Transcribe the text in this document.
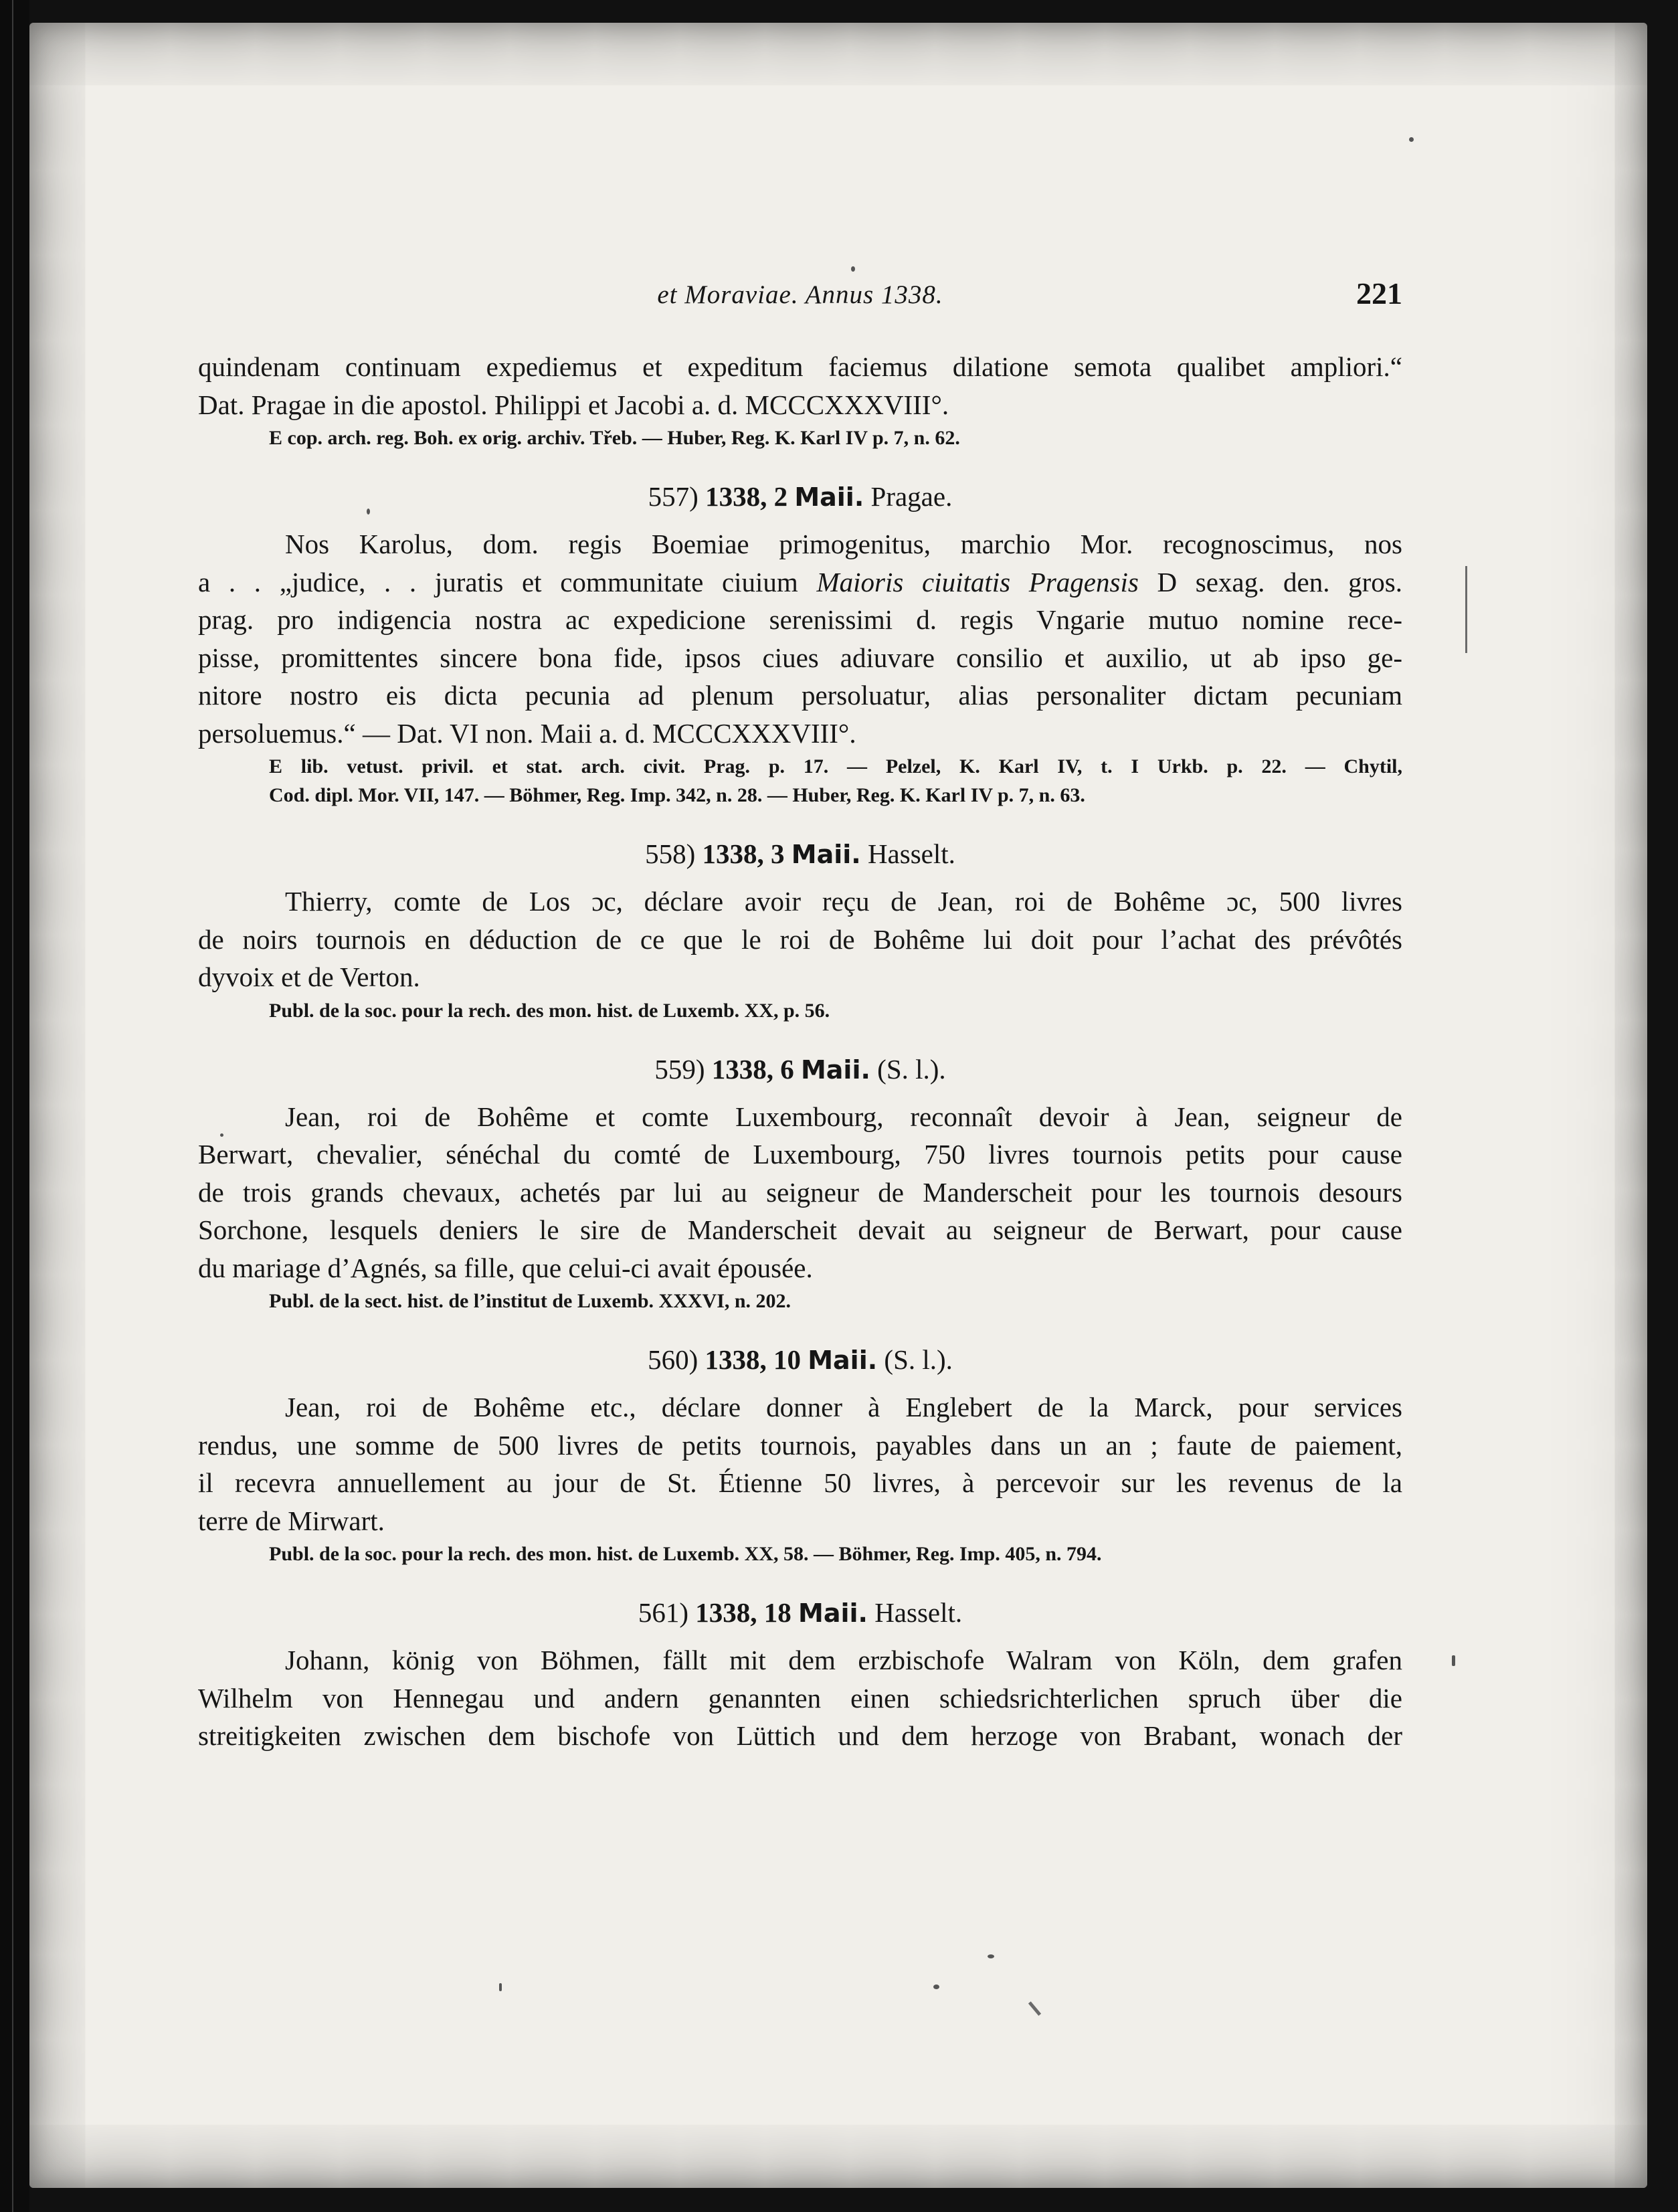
et Moraviae. Annus 1338.	221
quindenam continuam expediemus et expeditum faciemus dilatione semota qualibet ampliori.“
Dat. Pragae in die apostol. Philippi et Jacobi a. d. MCCCXXXVIII°.
E cop. arch. reg. Boh. ex orig. archiv. Třeb. — Huber, Reg. K. Karl IV p. 7, n. 62.
557) 1338, 2 Maii. Pragae.
Nos Karolus, dom. regis Boemiae primogenitus, marchio Mor. recognoscimus, nos
a . . „judice, . . juratis et communitate ciuium Maioris ciuitatis Pragensis D sexag. den. gros.
prag. pro indigencia nostra ac expedicione serenissimi d. regis Vngarie mutuo nomine rece-
pisse, promittentes sincere bona fide, ipsos ciues adiuvare consilio et auxilio, ut ab ipso ge-
nitore nostro eis dicta pecunia ad plenum persoluatur, alias personaliter dictam pecuniam
persoluemus.“ — Dat. VI non. Maii a. d. MCCCXXXVIII°.
E lib. vetust. privil. et stat. arch. civit. Prag. p. 17. — Pelzel, K. Karl IV, t. I Urkb. p. 22. — Chytil,
Cod. dipl. Mor. VII, 147. — Böhmer, Reg. Imp. 342, n. 28. — Huber, Reg. K. Karl IV p. 7, n. 63.
558) 1338, 3 Maii. Hasselt.
Thierry, comte de Los ɔc, déclare avoir reçu de Jean, roi de Bohême ɔc, 500 livres
de noirs tournois en déduction de ce que le roi de Bohême lui doit pour l’achat des prévôtés
dyvoix et de Verton.
Publ. de la soc. pour la rech. des mon. hist. de Luxemb. XX, p. 56.
559) 1338, 6 Maii. (S. l.).
Jean, roi de Bohême et comte Luxembourg, reconnaît devoir à Jean, seigneur de
Berwart, chevalier, sénéchal du comté de Luxembourg, 750 livres tournois petits pour cause
de trois grands chevaux, achetés par lui au seigneur de Manderscheit pour les tournois desours
Sorchone, lesquels deniers le sire de Manderscheit devait au seigneur de Berwart, pour cause
du mariage d’Agnés, sa fille, que celui-ci avait épousée.
Publ. de la sect. hist. de l’institut de Luxemb. XXXVI, n. 202.
560) 1338, 10 Maii. (S. l.).
Jean, roi de Bohême etc., déclare donner à Englebert de la Marck, pour services
rendus, une somme de 500 livres de petits tournois, payables dans un an ; faute de paiement,
il recevra annuellement au jour de St. Étienne 50 livres, à percevoir sur les revenus de la
terre de Mirwart.
Publ. de la soc. pour la rech. des mon. hist. de Luxemb. XX, 58. — Böhmer, Reg. Imp. 405, n. 794.
561) 1338, 18 Maii. Hasselt.
Johann, könig von Böhmen, fällt mit dem erzbischofe Walram von Köln, dem grafen
Wilhelm von Hennegau und andern genannten einen schiedsrichterlichen spruch über die
streitigkeiten zwischen dem bischofe von Lüttich und dem herzoge von Brabant, wonach der
